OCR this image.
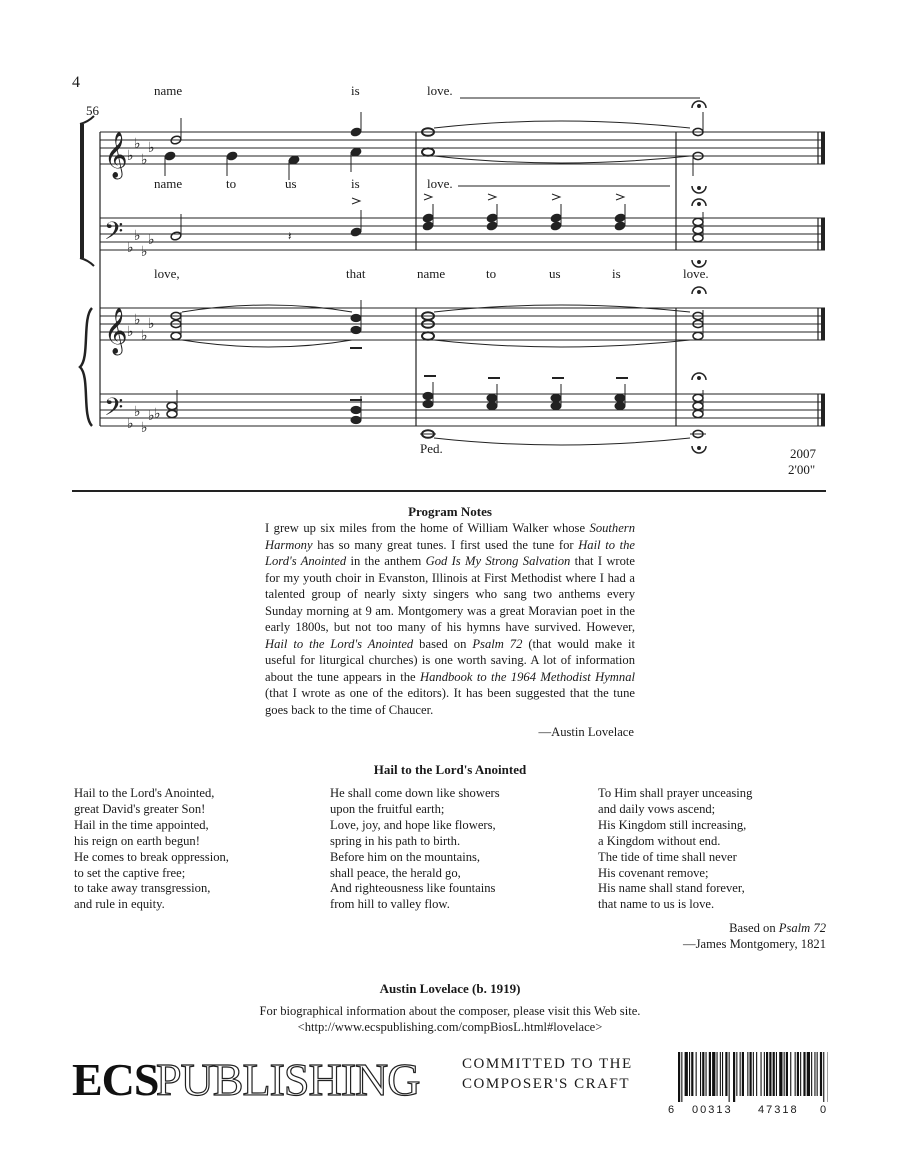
4
56
𝄞
𝄢
𝄞
𝄢
♭
♭
♭
♭
♭
♭
♭
♭
♭
♭
♭
♭
♭
♭
♭
♭
𝄽
♭
name	is	love.
name	to	us	is	love.
love,	that	name	to	us	is	love.
Ped.	2007
2'00"
Program Notes
I grew up six miles from the home of William Walker whose Southern Harmony has so many great tunes. I first used the tune for Hail to the Lord's Anointed in the anthem God Is My Strong Salvation that I wrote for my youth choir in Evanston, Illinois at First Methodist where I had a talented group of nearly sixty singers who sang two anthems every Sunday morning at 9 am. Montgomery was a great Moravian poet in the early 1800s, but not too many of his hymns have survived. However, Hail to the Lord's Anointed based on Psalm 72 (that would make it useful for liturgical churches) is one worth saving. A lot of information about the tune appears in the Handbook to the 1964 Methodist Hymnal (that I wrote as one of the editors). It has been suggested that the tune goes back to the time of Chaucer.
—Austin Lovelace
Hail to the Lord's Anointed
Hail to the Lord's Anointed,
great David's greater Son!
Hail in the time appointed,
his reign on earth begun!
He comes to break oppression,
to set the captive free;
to take away transgression,
and rule in equity.
He shall come down like showers
upon the fruitful earth;
Love, joy, and hope like flowers,
spring in his path to birth.
Before him on the mountains,
shall peace, the herald go,
And righteousness like fountains
from hill to valley flow.
To Him shall prayer unceasing
and daily vows ascend;
His Kingdom still increasing,
a Kingdom without end.
The tide of time shall never
His covenant remove;
His name shall stand forever,
that name to us is love.
Based on Psalm 72
—James Montgomery, 1821
Austin Lovelace (b. 1919)
For biographical information about the composer, please visit this Web site.
<http://www.ecspublishing.com/compBiosL.html#lovelace>
ECS
PUBLISHING	COMMITTED TO THE
COMPOSER'S CRAFT
6 00313 47318 0
